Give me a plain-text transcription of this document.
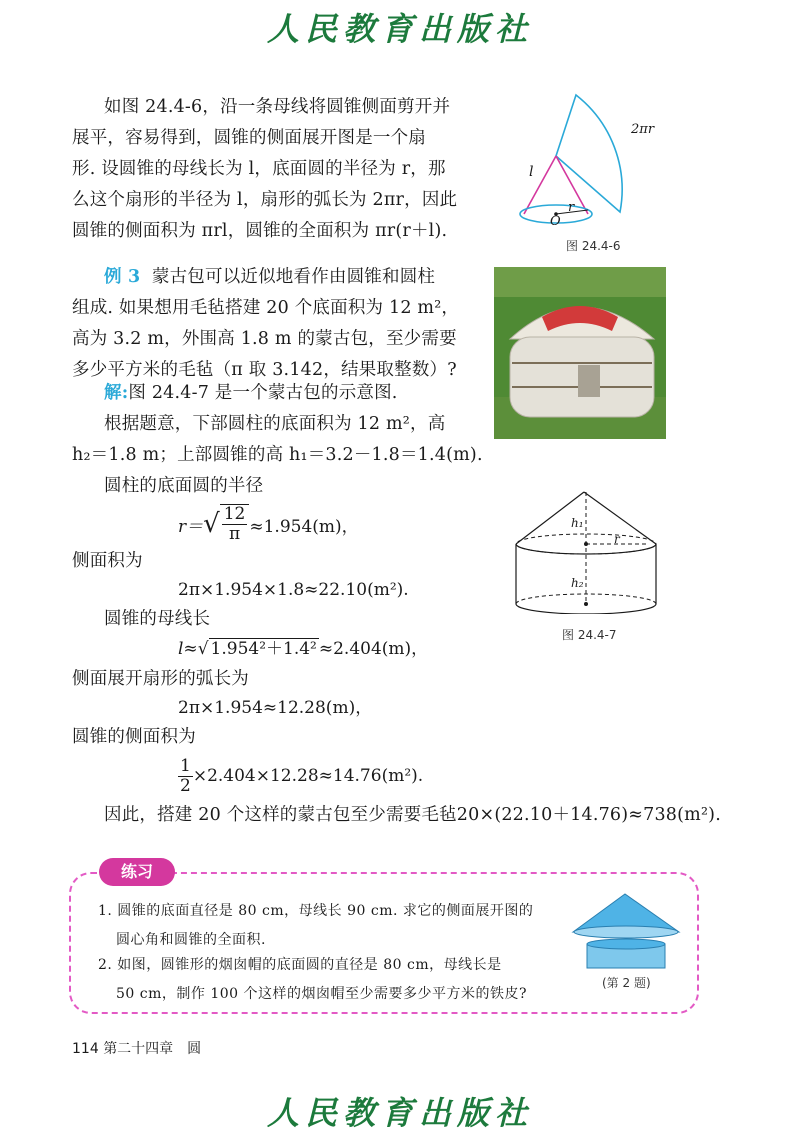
人民教育出版社
如图 24.4-6，沿一条母线将圆锥侧面剪开并
展平，容易得到，圆锥的侧面展开图是一个扇
形. 设圆锥的母线长为 l，底面圆的半径为 r，那
么这个扇形的半径为 l，扇形的弧长为 2πr，因此
圆锥的侧面积为 πrl，圆锥的全面积为 πr(r＋l).
2πr
l
r
O
图 24.4-6
例 3 蒙古包可以近似地看作由圆锥和圆柱
组成. 如果想用毛毡搭建 20 个底面积为 12 m²，
高为 3.2 m，外围高 1.8 m 的蒙古包，至少需要
多少平方米的毛毡（π 取 3.142，结果取整数）?
解:图 24.4-7 是一个蒙古包的示意图.
根据题意，下部圆柱的底面积为 12 m²，高
h₂＝1.8 m；上部圆锥的高 h₁＝3.2－1.8＝1.4(m).
圆柱的底面圆的半径
r＝ √ $\frac{12}{\pi} \approx 1.954(m)$，
侧面积为
2π×1.954×1.8≈22.10(m²).
圆锥的母线长
l≈√ 1.954²＋1.4² ≈2.404(m)，
侧面展开扇形的弧长为
2π×1.954≈12.28(m)，
圆锥的侧面积为
$\frac{1}{2} \times 2.404\times 12.28\approx 14.76(m^2)$.
因此，搭建 20 个这样的蒙古包至少需要毛毡20×(22.10＋14.76)≈738(m²).
h₁
h₂
r
图 24.4-7
练习
1. 圆锥的底面直径是 80 cm，母线长 90 cm. 求它的侧面展开图的
圆心角和圆锥的全面积.
2. 如图，圆锥形的烟囱帽的底面圆的直径是 80 cm，母线长是
50 cm，制作 100 个这样的烟囱帽至少需要多少平方米的铁皮?
(第 2 题)
114 第二十四章　圆
人民教育出版社
